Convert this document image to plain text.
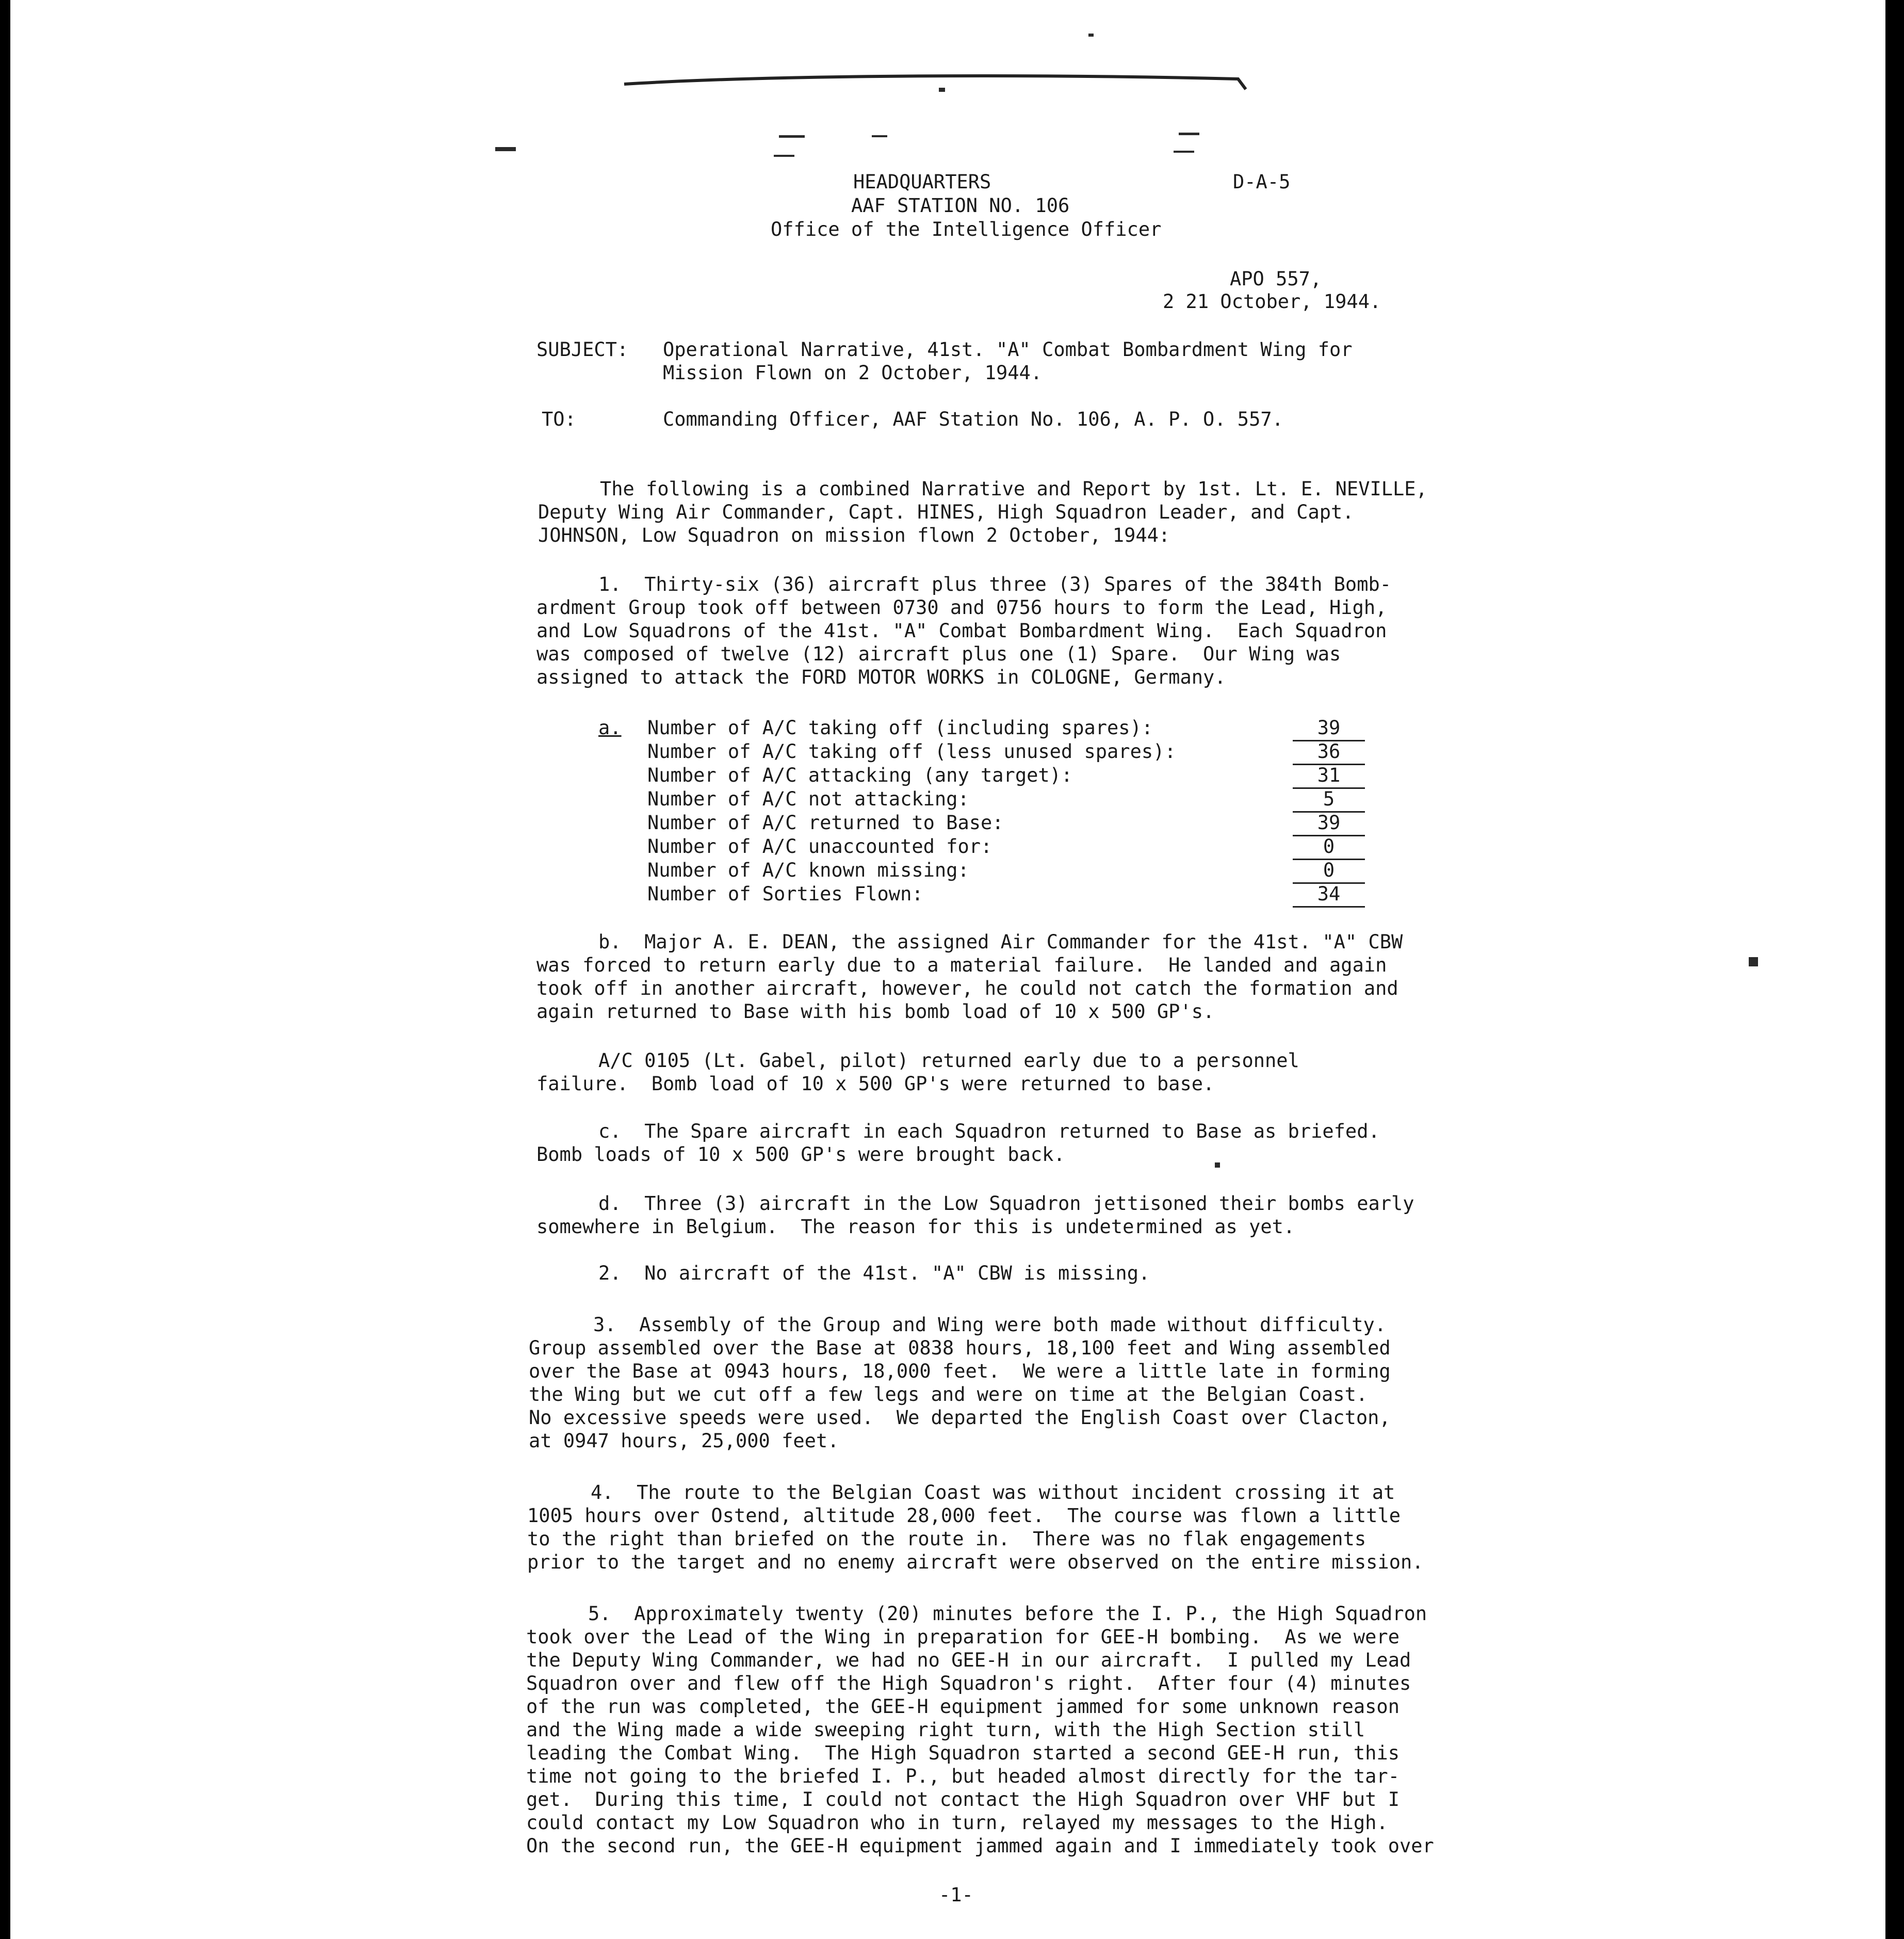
D-A-5
HEADQUARTERS
AAF STATION NO. 106
Office of the Intelligence Officer
APO 557,
2 21 October, 1944.
SUBJECT: Operational Narrative, 41st. "A" Combat Bombardment Wing for
Mission Flown on 2 October, 1944.
TO:	Commanding Officer, AAF Station No. 106, A. P. O. 557.
The following is a combined Narrative and Report by 1st. Lt. E. NEVILLE,
Deputy Wing Air Commander, Capt. HINES, High Squadron Leader, and Capt.
JOHNSON, Low Squadron on mission flown 2 October, 1944:
1.  Thirty-six (36) aircraft plus three (3) Spares of the 384th Bomb-
ardment Group took off between 0730 and 0756 hours to form the Lead, High,
and Low Squadrons of the 41st. "A" Combat Bombardment Wing.  Each Squadron
was composed of twelve (12) aircraft plus one (1) Spare.  Our Wing was
assigned to attack the FORD MOTOR WORKS in COLOGNE, Germany.
a. Number of A/C taking off (including spares):	39
Number of A/C taking off (less unused spares):	36
Number of A/C attacking (any target):	31
Number of A/C not attacking:	5
Number of A/C returned to Base:	39
Number of A/C unaccounted for:	0
Number of A/C known missing:	0
Number of Sorties Flown:	34
b.  Major A. E. DEAN, the assigned Air Commander for the 41st. "A" CBW
was forced to return early due to a material failure.  He landed and again
took off in another aircraft, however, he could not catch the formation and
again returned to Base with his bomb load of 10 x 500 GP's.
A/C 0105 (Lt. Gabel, pilot) returned early due to a personnel
failure.  Bomb load of 10 x 500 GP's were returned to base.
c.  The Spare aircraft in each Squadron returned to Base as briefed.
Bomb loads of 10 x 500 GP's were brought back.
d.  Three (3) aircraft in the Low Squadron jettisoned their bombs early
somewhere in Belgium.  The reason for this is undetermined as yet.
2.  No aircraft of the 41st. "A" CBW is missing.
3.  Assembly of the Group and Wing were both made without difficulty.
Group assembled over the Base at 0838 hours, 18,100 feet and Wing assembled
over the Base at 0943 hours, 18,000 feet.  We were a little late in forming
the Wing but we cut off a few legs and were on time at the Belgian Coast.
No excessive speeds were used.  We departed the English Coast over Clacton,
at 0947 hours, 25,000 feet.
4.  The route to the Belgian Coast was without incident crossing it at
1005 hours over Ostend, altitude 28,000 feet.  The course was flown a little
to the right than briefed on the route in.  There was no flak engagements
prior to the target and no enemy aircraft were observed on the entire mission.
5.  Approximately twenty (20) minutes before the I. P., the High Squadron
took over the Lead of the Wing in preparation for GEE-H bombing.  As we were
the Deputy Wing Commander, we had no GEE-H in our aircraft.  I pulled my Lead
Squadron over and flew off the High Squadron's right.  After four (4) minutes
of the run was completed, the GEE-H equipment jammed for some unknown reason
and the Wing made a wide sweeping right turn, with the High Section still
leading the Combat Wing.  The High Squadron started a second GEE-H run, this
time not going to the briefed I. P., but headed almost directly for the tar-
get.  During this time, I could not contact the High Squadron over VHF but I
could contact my Low Squadron who in turn, relayed my messages to the High.
On the second run, the GEE-H equipment jammed again and I immediately took over
-1-
